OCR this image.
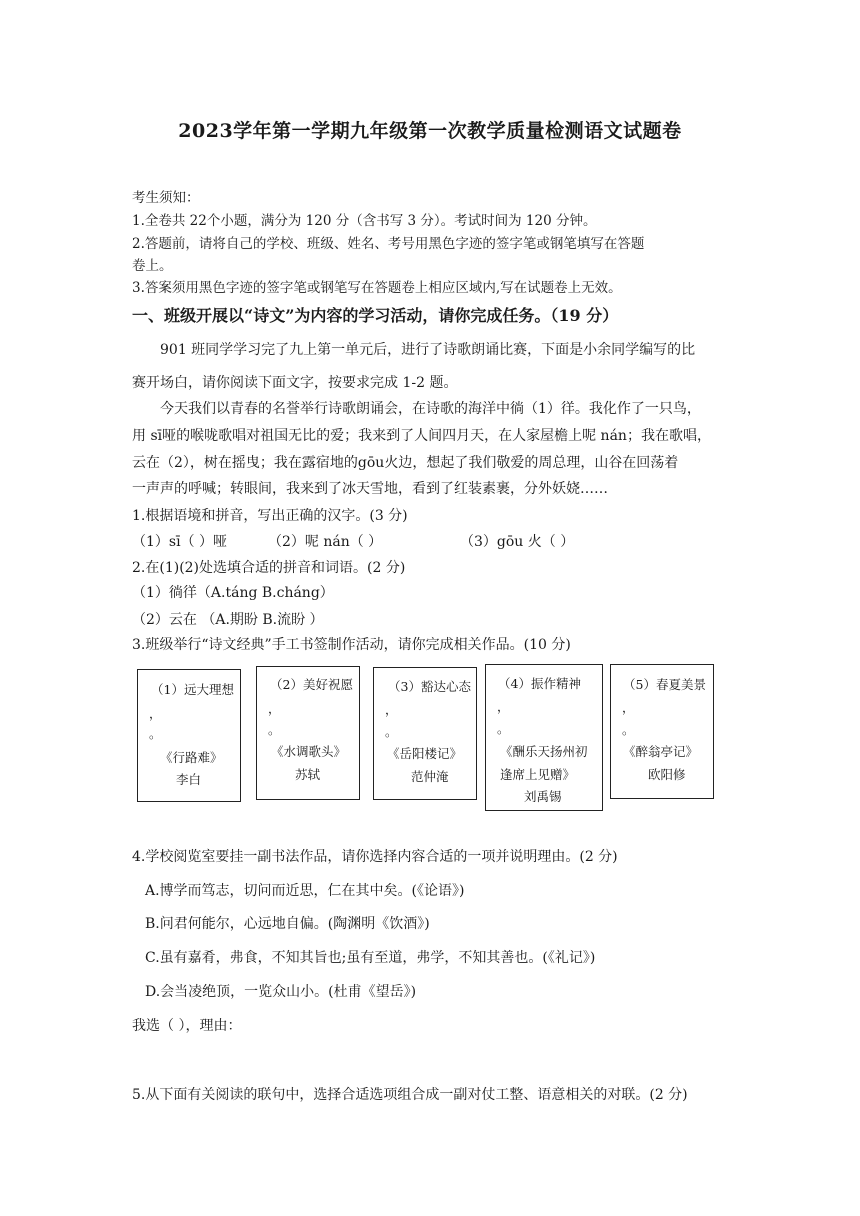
2023学年第一学期九年级第一次教学质量检测语文试题卷
考生须知：
1.全卷共 22个小题，满分为 120 分（含书写 3 分）。考试时间为 120 分钟。
2.答题前，请将自己的学校、班级、姓名、考号用黑色字迹的签字笔或钢笔填写在答题
卷上。
3.答案须用黑色字迹的签字笔或钢笔写在答题卷上相应区域内,写在试题卷上无效。
一、班级开展以“诗文”为内容的学习活动，请你完成任务。（19 分）
901 班同学学习完了九上第一单元后，进行了诗歌朗诵比赛，下面是小余同学编写的比
赛开场白，请你阅读下面文字，按要求完成 1-2 题。
今天我们以青春的名誉举行诗歌朗诵会，在诗歌的海洋中徜（1）徉。我化作了一只鸟，
用 sī哑的喉咙歌唱对祖国无比的爱；我来到了人间四月天，在人家屋檐上呢 nán；我在歌唱，
云在（2），树在摇曳；我在露宿地的gōu火边，想起了我们敬爱的周总理，山谷在回荡着
一声声的呼喊；转眼间，我来到了冰天雪地，看到了红装素裹，分外妖娆……
1.根据语境和拼音，写出正确的汉字。(3 分)
（1）sī（ ）哑	（2）呢 nán（ ）	（3）gōu 火（ ）
2.在(1)(2)处选填合适的拼音和词语。(2 分)
（1）徜徉（A.táng B.cháng）
（2）云在 （A.期盼 B.流盼 ）
3.班级举行“诗文经典”手工书签制作活动，请你完成相关作品。(10 分)
（1）远大理想
，
。
《行路难》
李白
（2）美好祝愿
，
。
《水调歌头》
苏轼
（3）豁达心态
，
。
《岳阳楼记》
范仲淹
（4）振作精神
，
。
《酬乐天扬州初
逢席上见赠》
刘禹锡
（5）春夏美景
，
。
《醉翁亭记》
欧阳修
4.学校阅览室要挂一副书法作品，请你选择内容合适的一项并说明理由。(2 分)
A.博学而笃志，切问而近思，仁在其中矣。(《论语》)
B.问君何能尔，心远地自偏。(陶渊明《饮酒》)
C.虽有嘉肴，弗食，不知其旨也;虽有至道，弗学，不知其善也。(《礼记》)
D.会当凌绝顶，一览众山小。(杜甫《望岳》)
我选（ ），理由：
5.从下面有关阅读的联句中，选择合适选项组合成一副对仗工整、语意相关的对联。(2 分)
